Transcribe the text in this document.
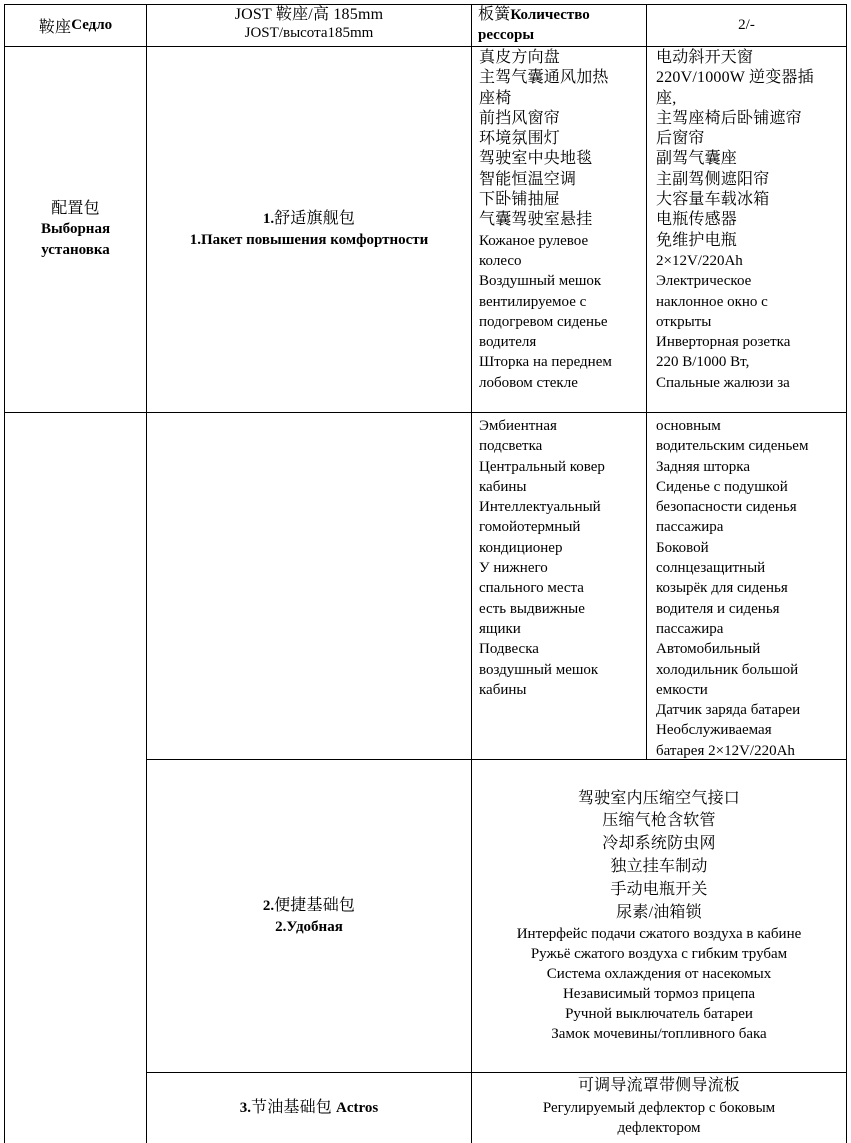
鞍座 Седло
JOST 鞍座/高 185mm
JOST/высота185mm
板簧Количество
рессоры
2/-
配置包
Выборная
установка
1.舒适旗舰包
1.Пакет повышения комфортности
真皮方向盘
主驾气囊通风加热
座椅
前挡风窗帘
环境氛围灯
驾驶室中央地毯
智能恒温空调
下卧铺抽屉
气囊驾驶室悬挂
Кожаное рулевое
колесо
Воздушный мешок
вентилируемое с
подогревом сиденье
водителя
Шторка на переднем
лобовом стекле
电动斜开天窗
220V/1000W 逆变器插
座,
主驾座椅后卧铺遮帘
后窗帘
副驾气囊座
主副驾侧遮阳帘
大容量车载冰箱
电瓶传感器
免维护电瓶
2×12V/220Ah
Электрическое
наклонное окно с
открыты
Инверторная розетка
220 В/1000 Вт,
Спальные жалюзи за
Эмбиентная
подсветка
Центральный ковер
кабины
Интеллектуальный
гомойотермный
кондиционер
У нижнего
спального места
есть выдвижные
ящики
Подвеска
воздушный мешок
кабины
основным
водительским сиденьем
Задняя шторка
Сиденье с подушкой
безопасности сиденья
пассажира
Боковой
солнцезащитный
козырёк для сиденья
водителя и сиденья
пассажира
Автомобильный
холодильник большой
емкости
Датчик заряда батареи
Необслуживаемая
батарея 2×12V/220Ah
2.便捷基础包
2.Удобная
驾驶室内压缩空气接口
压缩气枪含软管
冷却系统防虫网
独立挂车制动
手动电瓶开关
尿素/油箱锁
Интерфейс подачи сжатого воздуха в кабине
Ружьё сжатого воздуха с гибким трубам
Система охлаждения от насекомых
Независимый тормоз прицепа
Ручной выключатель батареи
Замок мочевины/топливного бака
3.节油基础包 Actros
可调导流罩带侧导流板
Регулируемый дефлектор с боковым
дефлектором
